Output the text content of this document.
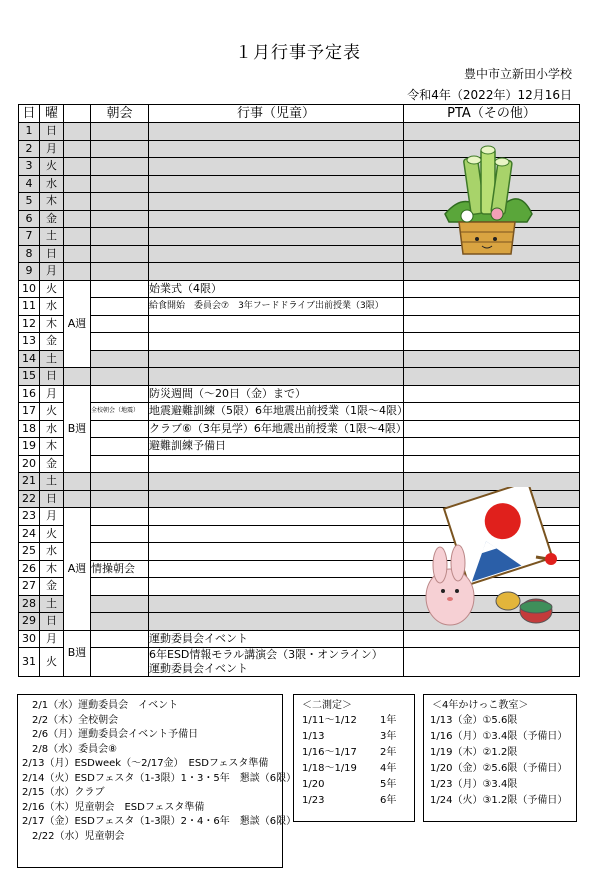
１月行事予定表
豊中市立新田小学校
令和4年（2022年）12月16日
日	曜		朝会	行事（児童）	PTA（その他）
1	日				
2	月				
3	火				
4	水				
5	木				
6	金				
7	土				
8	日				
9	月				
10	火	A週		始業式（4限）	

11	水			給食開始　委員会⑦　3年フードドライブ出前授業（3限）	

12	木				
13	金				
14	土				
15	日				
16	月	B週		防災週間（～20日（金）まで）	

17	火		全校朝会（地震）	地震避難訓練（5限）6年地震出前授業（1限～4限）	

18	水			クラブ⑥（3年見学）6年地震出前授業（1限～4限）	

19	木			避難訓練予備日	

20	金				
21	土				
22	日				
23	月	A週			
24	火				
25	水				
26	木		情操朝会		
27	金				
28	土				
29	日				
30	月	B週		運動委員会イベント	

31	火			6年ESD情報モラル講演会（3限・オンライン）
運動委員会イベント	

2/1（水）運動委員会　イベント
2/2（木）全校朝会
2/6（月）運動委員会イベント予備日
2/8（水）委員会⑧
2/13（月）ESDweek（～2/17金）　ESDフェスタ準備
2/14（火）ESDフェスタ（1-3限）1・3・5年　懇談（6限）
2/15（水）クラブ
2/16（木）児童朝会　ESDフェスタ準備
2/17（金）ESDフェスタ（1-3限）2・4・6年　懇談（6限）
2/22（水）児童朝会
＜二測定＞
1/11～1/12	1年
1/13	3年
1/16～1/17	2年
1/18～1/19	4年
1/20	5年
1/23	6年
＜4年かけっこ教室＞
1/13（金）①5.6限
1/16（月）①3.4限（予備日）
1/19（木）②1.2限
1/20（金）②5.6限（予備日）
1/23（月）③3.4限
1/24（火）③1.2限（予備日）
